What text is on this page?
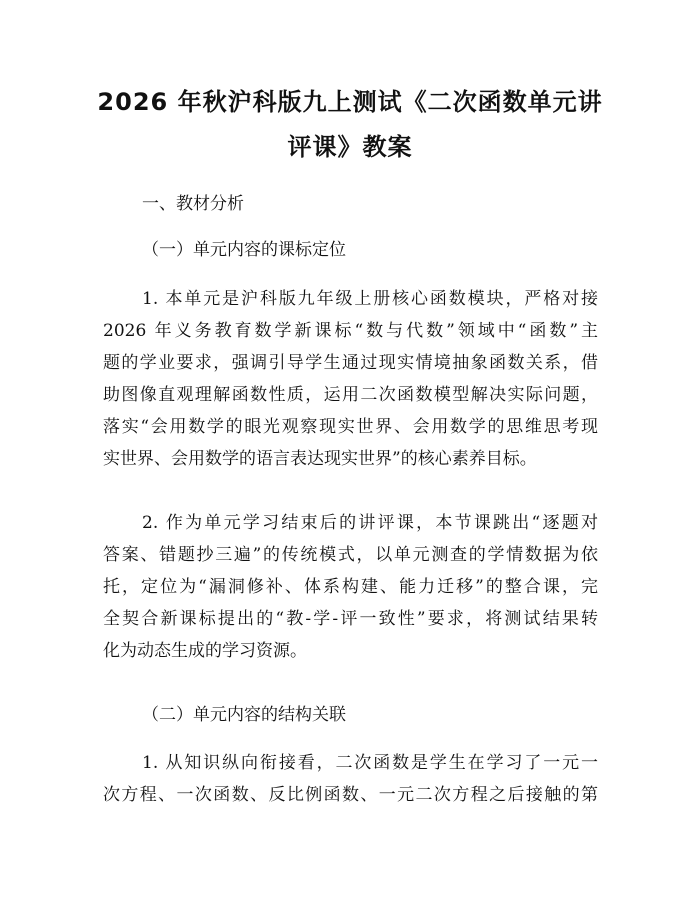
2026 年秋沪科版九上测试《二次函数单元讲
评课》教案
一、教材分析
（一）单元内容的课标定位
1. 本单元是沪科版九年级上册核心函数模块，严格对接
2026 年义务教育数学新课标“数与代数”领域中“函数”主
题的学业要求，强调引导学生通过现实情境抽象函数关系，借
助图像直观理解函数性质，运用二次函数模型解决实际问题，
落实“会用数学的眼光观察现实世界、会用数学的思维思考现
实世界、会用数学的语言表达现实世界”的核心素养目标。
2. 作为单元学习结束后的讲评课，本节课跳出“逐题对
答案、错题抄三遍”的传统模式，以单元测查的学情数据为依
托，定位为“漏洞修补、体系构建、能力迁移”的整合课，完
全契合新课标提出的“教-学-评一致性”要求，将测试结果转
化为动态生成的学习资源。
（二）单元内容的结构关联
1. 从知识纵向衔接看，二次函数是学生在学习了一元一
次方程、一次函数、反比例函数、一元二次方程之后接触的第
